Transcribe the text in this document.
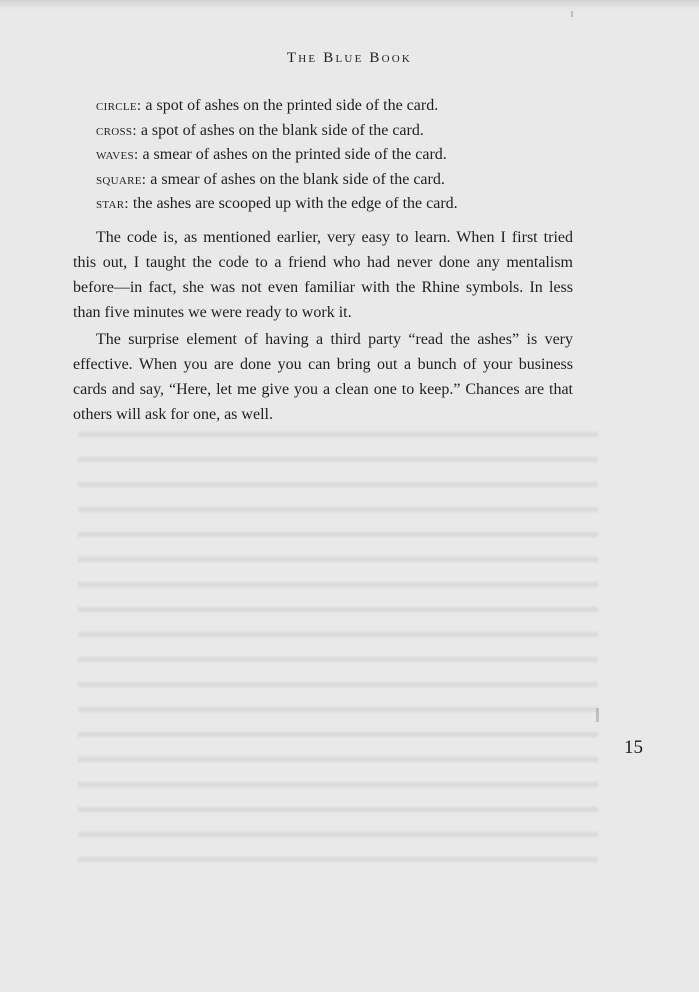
The Blue Book
circle: a spot of ashes on the printed side of the card.
cross: a spot of ashes on the blank side of the card.
waves: a smear of ashes on the printed side of the card.
square: a smear of ashes on the blank side of the card.
star: the ashes are scooped up with the edge of the card.

The code is, as mentioned earlier, very easy to learn. When I first tried this out, I taught the code to a friend who had never done any mentalism before—in fact, she was not even familiar with the Rhine symbols. In less than five minutes we were ready to work it.

The surprise element of having a third party “read the ashes” is very effective. When you are done you can bring out a bunch of your business cards and say, “Here, let me give you a clean one to keep.” Chances are that others will ask for one, as well.

15
